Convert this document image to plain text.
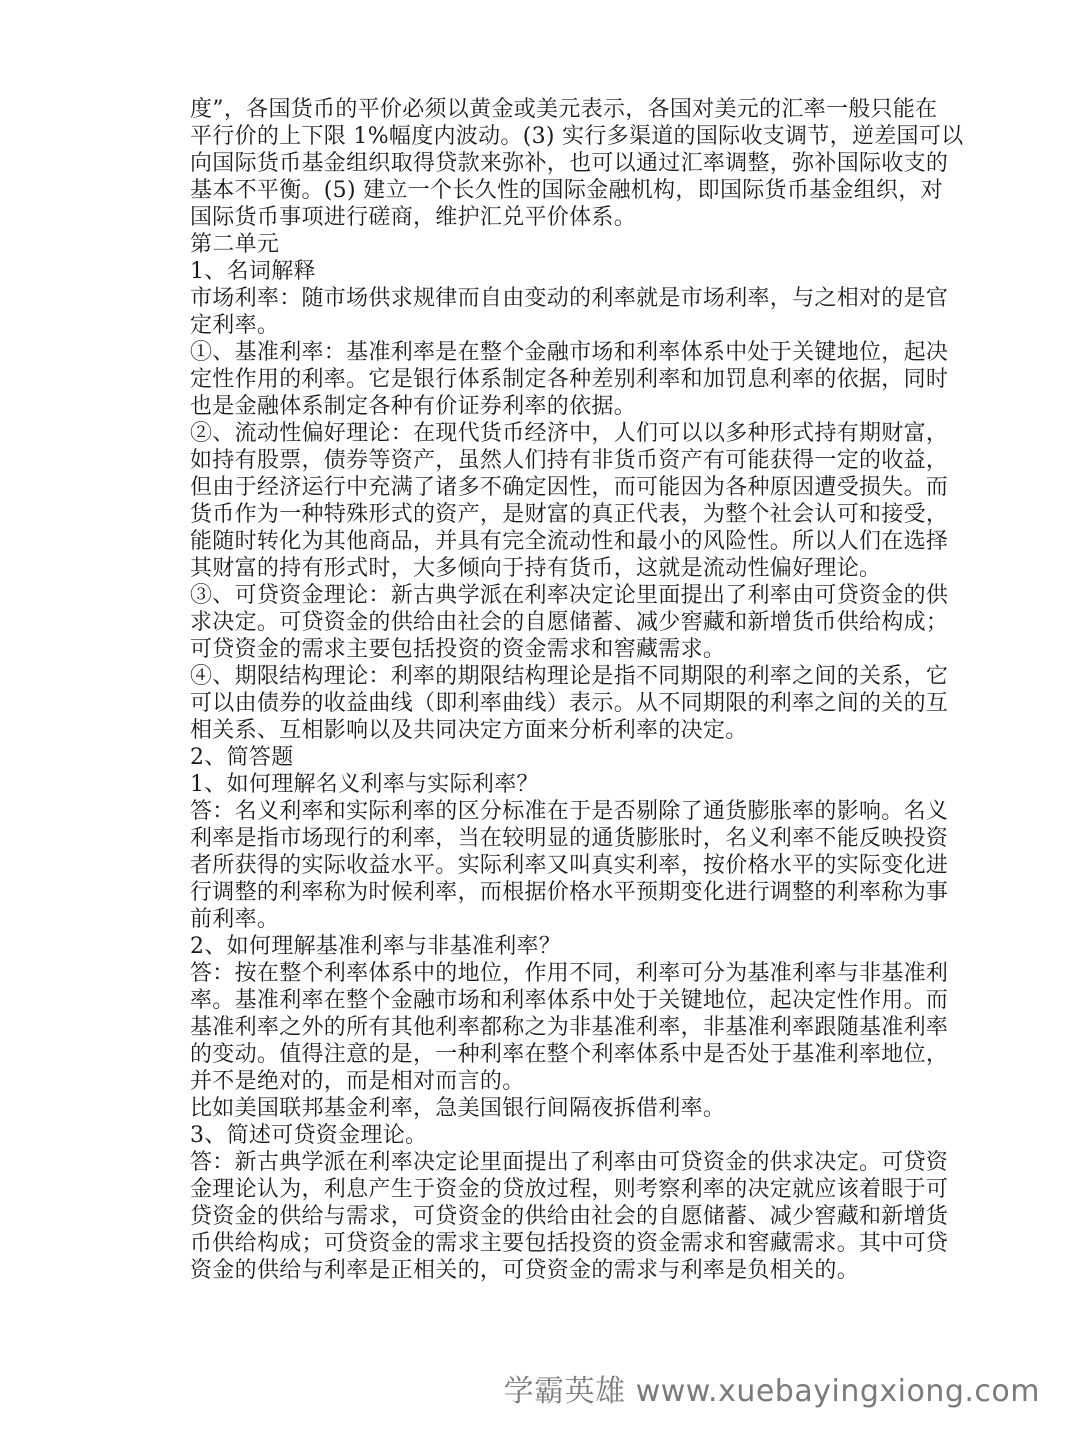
度”，各国货币的平价必须以黄金或美元表示，各国对美元的汇率一般只能在
平行价的上下限 1%幅度内波动。(3) 实行多渠道的国际收支调节，逆差国可以
向国际货币基金组织取得贷款来弥补，也可以通过汇率调整，弥补国际收支的
基本不平衡。(5) 建立一个长久性的国际金融机构，即国际货币基金组织，对
国际货币事项进行磋商，维护汇兑平价体系。
第二单元
1、名词解释
市场利率：随市场供求规律而自由变动的利率就是市场利率，与之相对的是官
定利率。
①、基准利率：基准利率是在整个金融市场和利率体系中处于关键地位，起决
定性作用的利率。它是银行体系制定各种差别利率和加罚息利率的依据，同时
也是金融体系制定各种有价证券利率的依据。
②、流动性偏好理论：在现代货币经济中，人们可以以多种形式持有期财富，
如持有股票，债券等资产，虽然人们持有非货币资产有可能获得一定的收益，
但由于经济运行中充满了诸多不确定因性，而可能因为各种原因遭受损失。而
货币作为一种特殊形式的资产，是财富的真正代表，为整个社会认可和接受，
能随时转化为其他商品，并具有完全流动性和最小的风险性。所以人们在选择
其财富的持有形式时，大多倾向于持有货币，这就是流动性偏好理论。
③、可贷资金理论：新古典学派在利率决定论里面提出了利率由可贷资金的供
求决定。可贷资金的供给由社会的自愿储蓄、减少窖藏和新增货币供给构成；
可贷资金的需求主要包括投资的资金需求和窖藏需求。
④、期限结构理论：利率的期限结构理论是指不同期限的利率之间的关系，它
可以由债券的收益曲线（即利率曲线）表示。从不同期限的利率之间的关的互
相关系、互相影响以及共同决定方面来分析利率的决定。
2、简答题
1、如何理解名义利率与实际利率？
答：名义利率和实际利率的区分标准在于是否剔除了通货膨胀率的影响。名义
利率是指市场现行的利率，当在较明显的通货膨胀时，名义利率不能反映投资
者所获得的实际收益水平。实际利率又叫真实利率，按价格水平的实际变化进
行调整的利率称为时候利率，而根据价格水平预期变化进行调整的利率称为事
前利率。
2、如何理解基准利率与非基准利率？
答：按在整个利率体系中的地位，作用不同，利率可分为基准利率与非基准利
率。基准利率在整个金融市场和利率体系中处于关键地位，起决定性作用。而
基准利率之外的所有其他利率都称之为非基准利率，非基准利率跟随基准利率
的变动。值得注意的是，一种利率在整个利率体系中是否处于基准利率地位，
并不是绝对的，而是相对而言的。
比如美国联邦基金利率，急美国银行间隔夜拆借利率。
3、简述可贷资金理论。
答：新古典学派在利率决定论里面提出了利率由可贷资金的供求决定。可贷资
金理论认为，利息产生于资金的贷放过程，则考察利率的决定就应该着眼于可
贷资金的供给与需求，可贷资金的供给由社会的自愿储蓄、减少窖藏和新增货
币供给构成；可贷资金的需求主要包括投资的资金需求和窖藏需求。其中可贷
资金的供给与利率是正相关的，可贷资金的需求与利率是负相关的。
学霸英雄 www.xuebayingxiong.com
